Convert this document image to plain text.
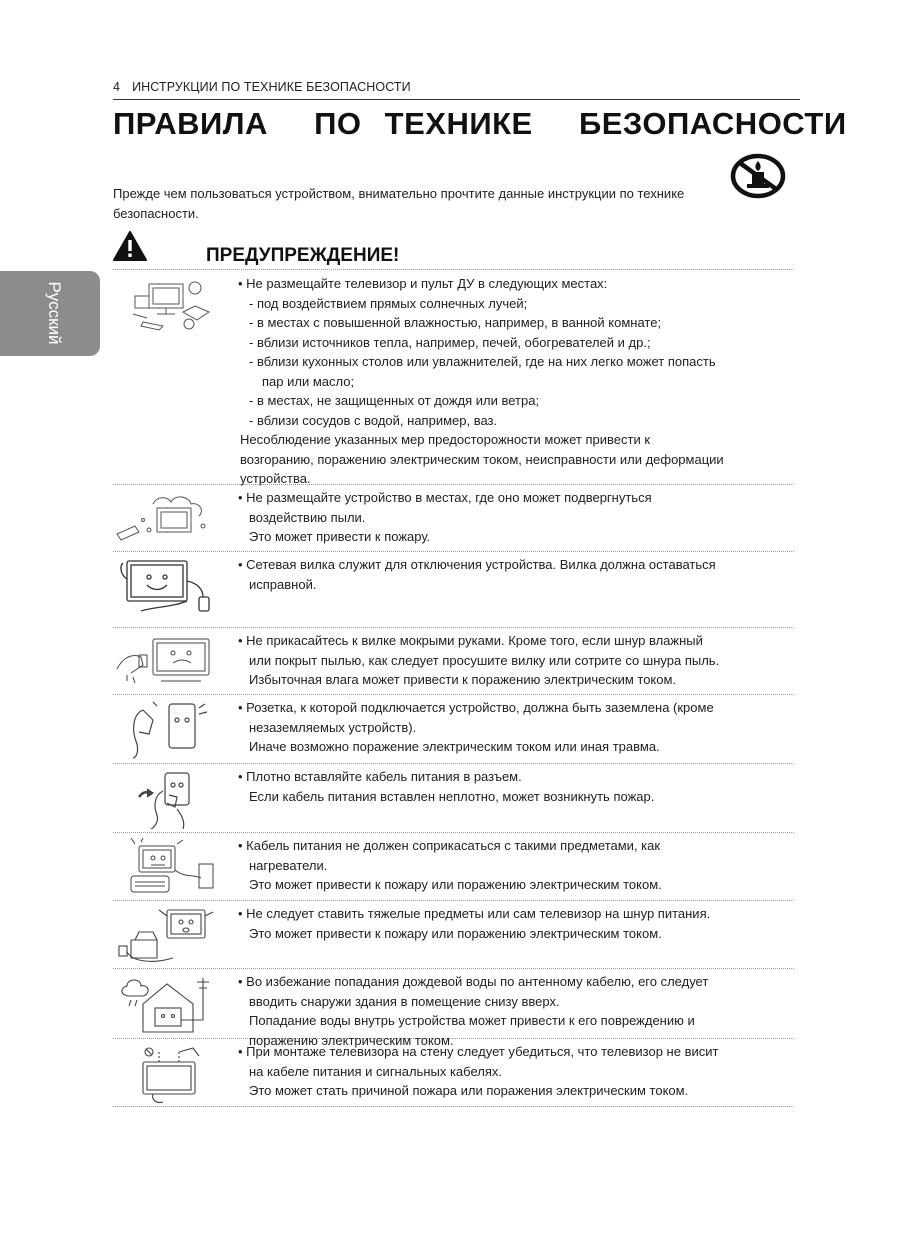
4 ИНСТРУКЦИИ ПО ТЕХНИКЕ БЕЗОПАСНОСТИ
ПРАВИЛА  ПО ТЕХНИКЕ  БЕЗОПАСНОСТИ
Прежде чем пользоваться устройством, внимательно прочтите данные инструкции по технике безопасности.
Русский
ПРЕДУПРЕЖДЕНИЕ!
• Не размещайте телевизор и пульт ДУ в следующих местах:
- под воздействием прямых солнечных лучей;
- в местах с повышенной влажностью, например, в ванной комнате;
- вблизи источников тепла, например, печей, обогревателей и др.;
- вблизи кухонных столов или увлажнителей, где на них легко может попасть
пар или масло;
- в местах, не защищенных от дождя или ветра;
- вблизи сосудов с водой, например, ваз.
Несоблюдение указанных мер предосторожности может привести к
возгоранию, поражению электрическим током, неисправности или деформации
устройства.
• Не размещайте устройство в местах, где оно может подвергнуться
воздействию пыли.
Это может привести к пожару.
• Сетевая вилка служит для отключения устройства. Вилка должна оставаться
исправной.
• Не прикасайтесь к вилке мокрыми руками. Кроме того, если шнур влажный
или покрыт пылью, как следует просушите вилку или сотрите со шнура пыль.
Избыточная влага может привести к поражению электрическим током.
• Розетка, к которой подключается устройство, должна быть заземлена (кроме
незаземляемых устройств).
Иначе возможно поражение электрическим током или иная травма.
• Плотно вставляйте кабель питания в разъем.
Если кабель питания вставлен неплотно, может возникнуть пожар.
• Кабель питания не должен соприкасаться с такими предметами, как
нагреватели.
Это может привести к пожару или поражению электрическим током.
• Не следует ставить тяжелые предметы или сам телевизор на шнур питания.
Это может привести к пожару или поражению электрическим током.
• Во избежание попадания дождевой воды по антенному кабелю, его следует
вводить снаружи здания в помещение снизу вверх.
Попадание воды внутрь устройства может привести к его повреждению и
поражению электрическим током.
• При монтаже телевизора на стену следует убедиться, что телевизор не висит
на кабеле питания и сигнальных кабелях.
Это может стать причиной пожара или поражения электрическим током.
